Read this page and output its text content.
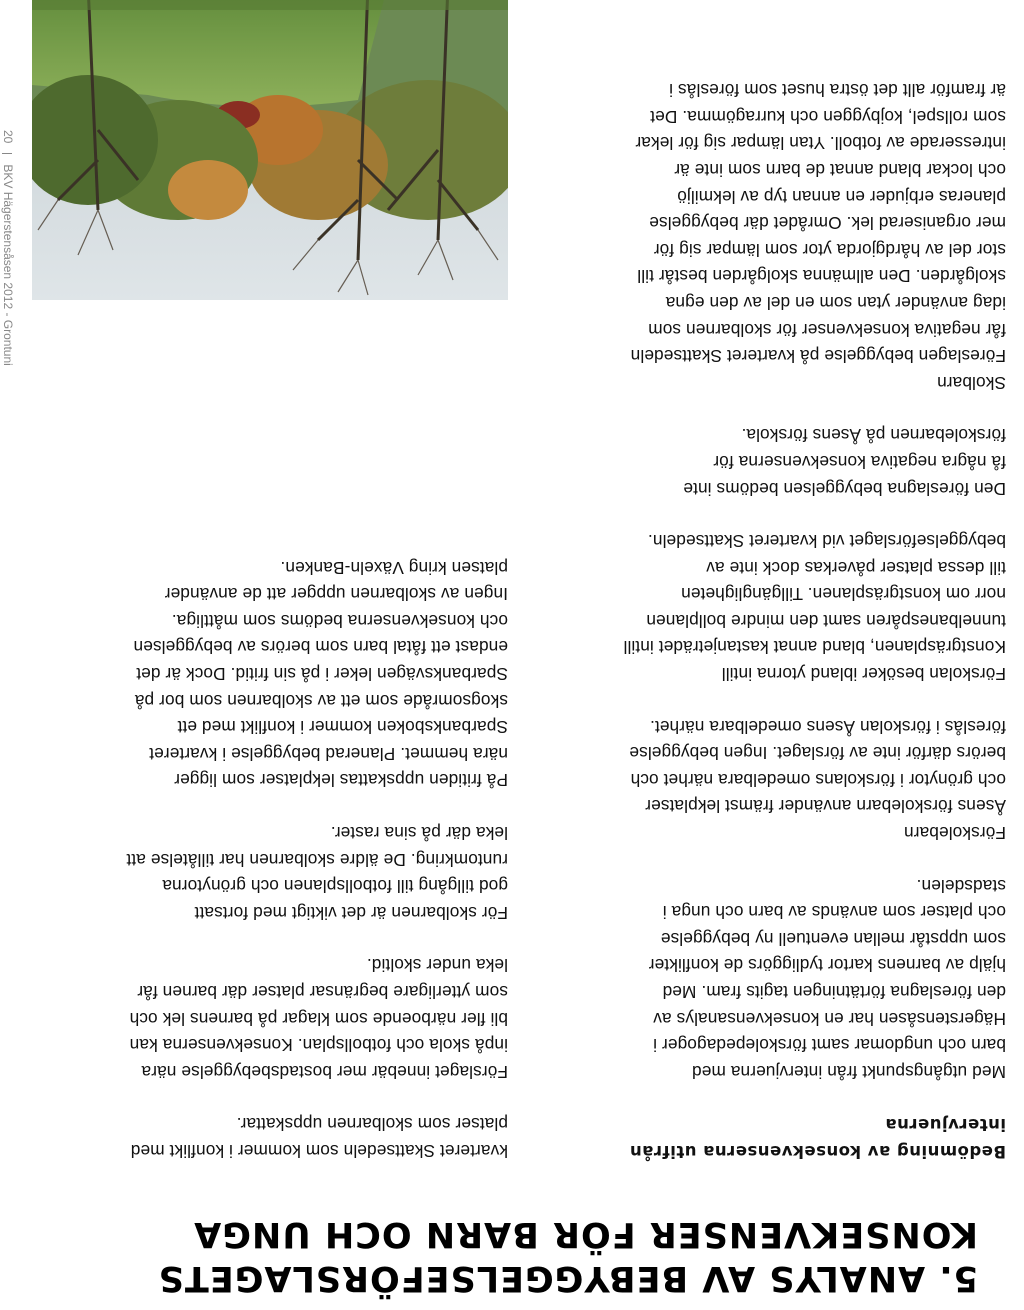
5. ANALYS AV BEBYGGELSEFÖRSLAGETS
KONSEKVENSER FÖR BARN OCH UNGA

Bedömning av konsekvenserna utifrån
intervjuerna

Med utgångspunkt från intervjuerna med
barn och ungdomar samt förskolepedagoger i
Hägerstensåsen har en konsekvensanalys av
den föreslagna förtätningen tagits fram. Med
hjälp av barnens kartor tydliggörs de konflikter
som uppstår mellan eventuell ny bebyggelse
och platser som används av barn och unga i
stadsdelen.

Förskolebarn

Åsens förskolebarn använder främst lekplatser
och grönytor i förskolans omedelbara närhet och
berörs därför inte av förslaget. Ingen bebyggelse
föreslås i förskolan Åsens omedelbara närhet.

Förskolan besöker ibland ytorna intill
Konstgräsplanen, bland annat kastanjeträdet intill
tunnelbanespåren samt den mindre bollplanen
norr om konstgräsplanen. Tillgängligheten
till dessa platser påverkas dock inte av
bebyggelseförslaget vid kvarteret Skattsedeln.

Den föreslagna bebyggelsen bedöms inte
få några negativa konsekvenserna för
förskolebarnen på Åsens förskola.

Skolbarn

Föreslagen bebyggelse på kvarteret Skattsedeln
får negativa konsekvenser för skolbarnen som
idag använder ytan som en del av den egna
skolgården. Den allmänna skolgården består till
stor del av hårdgjorda ytor som lämpar sig för
mer organiserad lek. Området där bebyggelse
planeras erbjuder en annan typ av lekmiljö
och lockar bland annat de barn som inte är
intresserade av fotboll. Ytan lämpar sig för lekar
som rollspel, kojbyggen och kurragömma. Det
är framför allt det östra huset som föreslås i

kvarteret Skattsedeln som kommer i konflikt med
platser som skolbarnen uppskattar.

Förslaget innebär mer bostadsbebyggelse nära
inpå skola och fotbollsplan. Konsekvenserna kan
bli fler närboende som klagar på barnens lek och
som ytterligare begränsar platser där barnen får
leka under skoltid.

För skolbarnen är det viktigt med fortsatt
god tillgång till fotbollsplanen och grönytorna
runtomkring. De äldre skolbarnen har tillåtelse att
leka där på sina raster.

På fritiden uppskattas lekplatser som ligger
nära hemmet. Planerad bebyggelse i kvarteret
Sparbanksboken kommer i konflikt med ett
skogsområde som ett av skolbarnen som bor på
Sparbanksvägen leker i på sin fritid. Dock är det
endast ett fåtal barn som berörs av bebyggelsen
och konsekvenserna bedöms som måttliga.
Ingen av skolbarnen uppger att de använder
platsen kring Växeln-Banken.

20BKV Hägerstensåsen 2012 - Grontuni
